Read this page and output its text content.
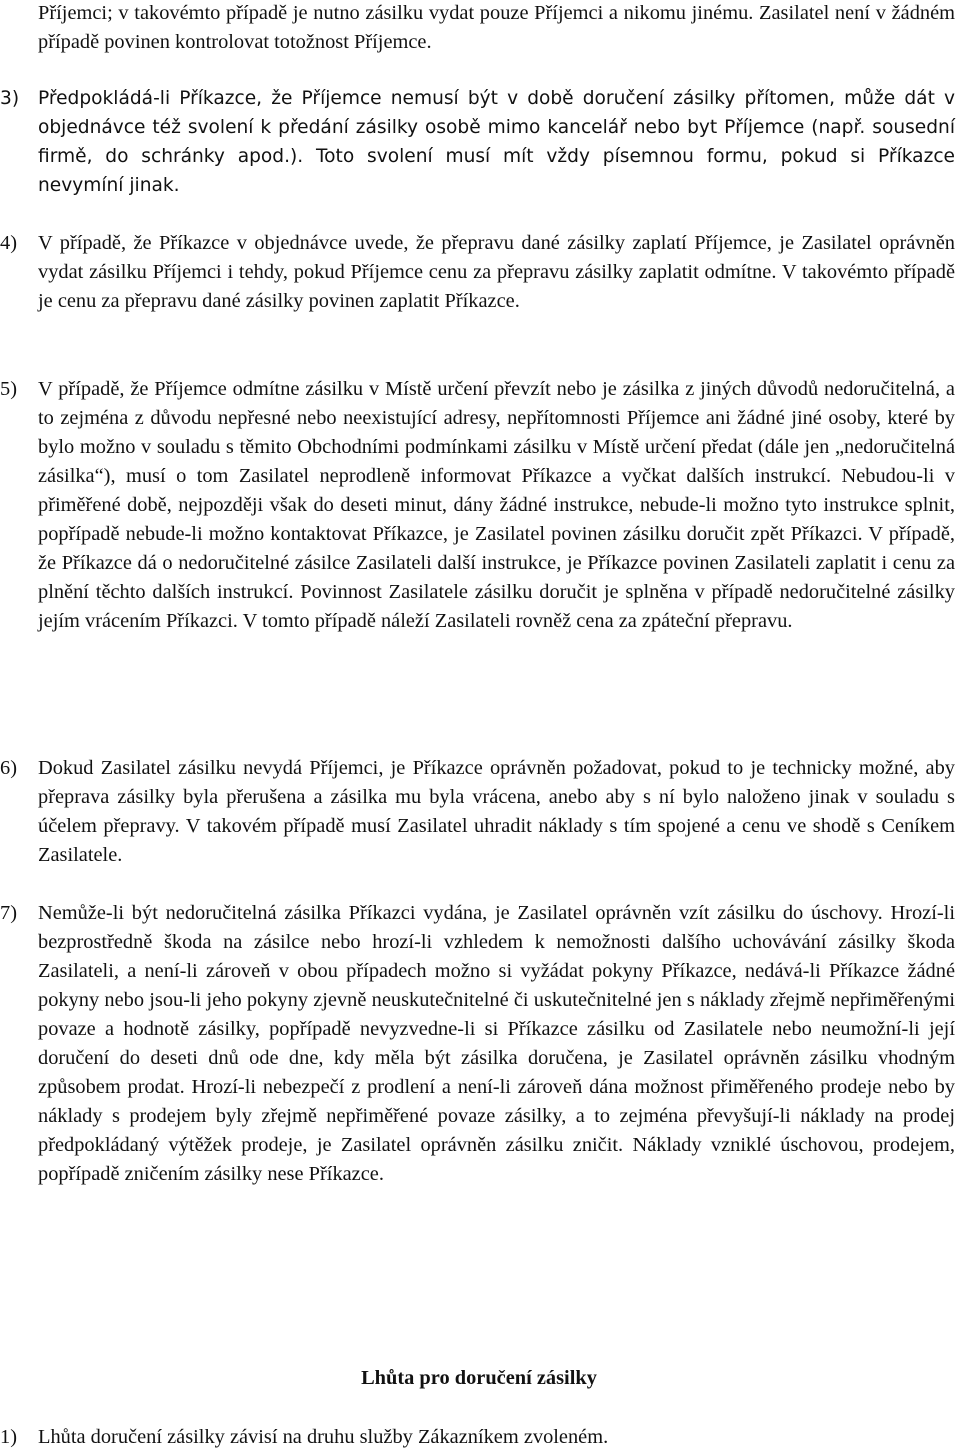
Příjemci; v takovémto případě je nutno zásilku vydat pouze Příjemci a nikomu jinému. Zasilatel není v žádném případě povinen kontrolovat totožnost Příjemce.

3)	Předpokládá-li Příkazce, že Příjemce nemusí být v době doručení zásilky přítomen, může dát v objednávce též svolení k předání zásilky osobě mimo kancelář nebo byt Příjemce (např. sousední firmě, do schránky apod.). Toto svolení musí mít vždy písemnou formu, pokud si Příkazce nevymíní jinak.

4)	V případě, že Příkazce v objednávce uvede, že přepravu dané zásilky zaplatí Příjemce, je Zasilatel oprávněn vydat zásilku Příjemci i tehdy, pokud Příjemce cenu za přepravu zásilky zaplatit odmítne. V takovémto případě je cenu za přepravu dané zásilky povinen zaplatit Příkazce.

5)	V případě, že Příjemce odmítne zásilku v Místě určení převzít nebo je zásilka z jiných důvodů nedoručitelná, a to zejména z důvodu nepřesné nebo neexistující adresy, nepřítomnosti Příjemce ani žádné jiné osoby, které by bylo možno v souladu s těmito Obchodními podmínkami zásilku v Místě určení předat (dále jen „nedoručitelná zásilka“), musí o tom Zasilatel neprodleně informovat Příkazce a vyčkat dalších instrukcí. Nebudou-li v přiměřené době, nejpozději však do deseti minut, dány žádné instrukce, nebude-li možno tyto instrukce splnit, popřípadě nebude-li možno kontaktovat Příkazce, je Zasilatel povinen zásilku doručit zpět Příkazci. V případě, že Příkazce dá o nedoručitelné zásilce Zasilateli další instrukce, je Příkazce povinen Zasilateli zaplatit i cenu za plnění těchto dalších instrukcí. Povinnost Zasilatele zásilku doručit je splněna v případě nedoručitelné zásilky jejím vrácením Příkazci. V tomto případě náleží Zasilateli rovněž cena za zpáteční přepravu.

6)	Dokud Zasilatel zásilku nevydá Příjemci, je Příkazce oprávněn požadovat, pokud to je technicky možné, aby přeprava zásilky byla přerušena a zásilka mu byla vrácena, anebo aby s ní bylo naloženo jinak v souladu s účelem přepravy. V takovém případě musí Zasilatel uhradit náklady s tím spojené a cenu ve shodě s Ceníkem Zasilatele.

7)	Nemůže-li být nedoručitelná zásilka Příkazci vydána, je Zasilatel oprávněn vzít zásilku do úschovy. Hrozí-li bezprostředně škoda na zásilce nebo hrozí-li vzhledem k nemožnosti dalšího uchovávání zásilky škoda Zasilateli, a není-li zároveň v obou případech možno si vyžádat pokyny Příkazce, nedává-li Příkazce žádné pokyny nebo jsou-li jeho pokyny zjevně neuskutečnitelné či uskutečnitelné jen s náklady zřejmě nepřiměřenými povaze a hodnotě zásilky, popřípadě nevyzvedne-li si Příkazce zásilku od Zasilatele nebo neumožní-li její doručení do deseti dnů ode dne, kdy měla být zásilka doručena, je Zasilatel oprávněn zásilku vhodným způsobem prodat. Hrozí-li nebezpečí z prodlení a není-li zároveň dána možnost přiměřeného prodeje nebo by náklady s prodejem byly zřejmě nepřiměřené povaze zásilky, a to zejména převyšují-li náklady na prodej předpokládaný výtěžek prodeje, je Zasilatel oprávněn zásilku zničit. Náklady vzniklé úschovou, prodejem, popřípadě zničením zásilky nese Příkazce.

Lhůta pro doručení zásilky

1)	Lhůta doručení zásilky závisí na druhu služby Zákazníkem zvoleném.
